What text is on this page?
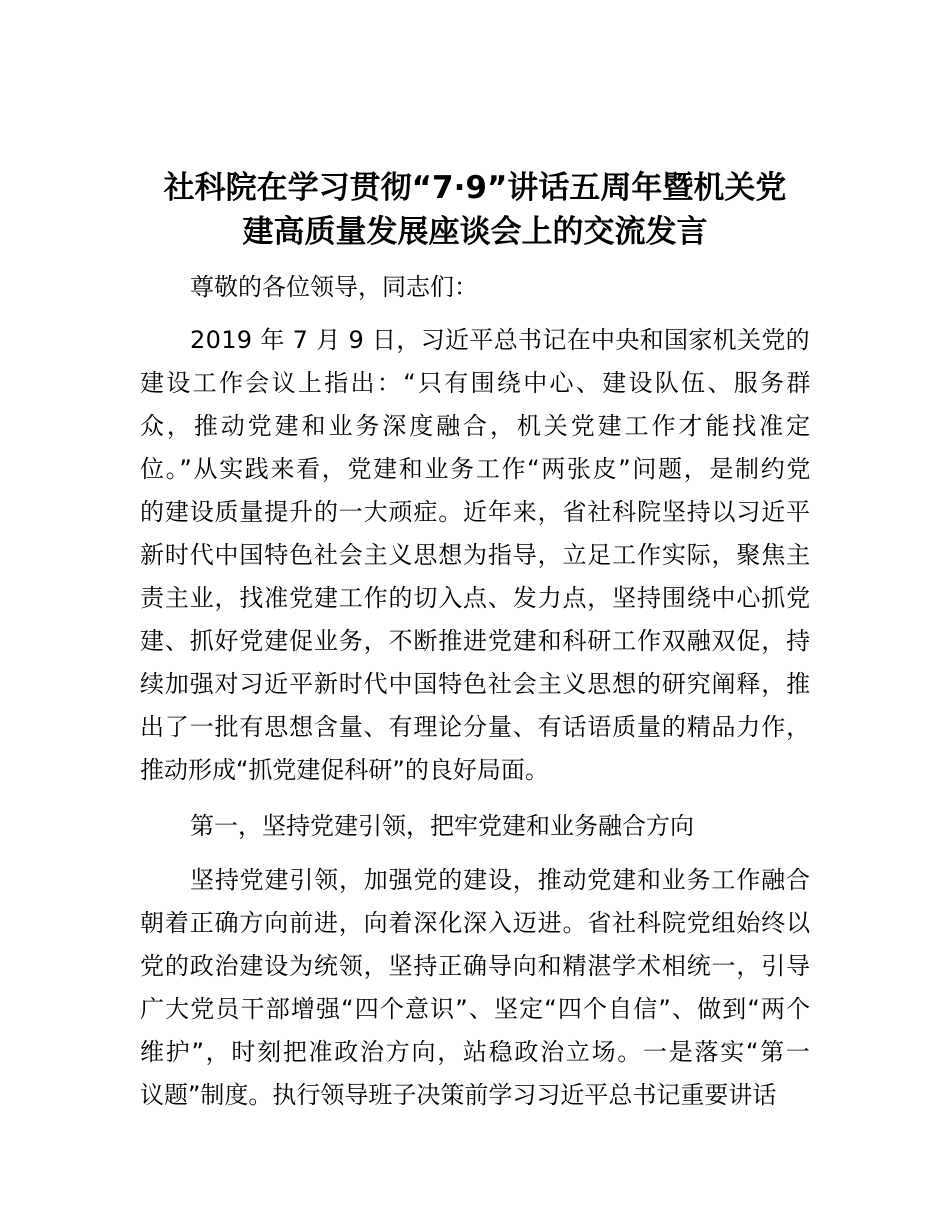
社科院在学习贯彻“7·9”讲话五周年暨机关党
建高质量发展座谈会上的交流发言
尊敬的各位领导，同志们：
2019 年 7 月 9 日，习近平总书记在中央和国家机关党的
建设工作会议上指出：“只有围绕中心、建设队伍、服务群
众，推动党建和业务深度融合，机关党建工作才能找准定
位。”从实践来看，党建和业务工作“两张皮”问题，是制约党
的建设质量提升的一大顽症。近年来，省社科院坚持以习近平
新时代中国特色社会主义思想为指导，立足工作实际，聚焦主
责主业，找准党建工作的切入点、发力点，坚持围绕中心抓党
建、抓好党建促业务，不断推进党建和科研工作双融双促，持
续加强对习近平新时代中国特色社会主义思想的研究阐释，推
出了一批有思想含量、有理论分量、有话语质量的精品力作，
推动形成“抓党建促科研”的良好局面。
第一，坚持党建引领，把牢党建和业务融合方向
坚持党建引领，加强党的建设，推动党建和业务工作融合
朝着正确方向前进，向着深化深入迈进。省社科院党组始终以
党的政治建设为统领，坚持正确导向和精湛学术相统一，引导
广大党员干部增强“四个意识”、坚定“四个自信”、做到“两个
维护”，时刻把准政治方向，站稳政治立场。一是落实“第一
议题”制度。执行领导班子决策前学习习近平总书记重要讲话
